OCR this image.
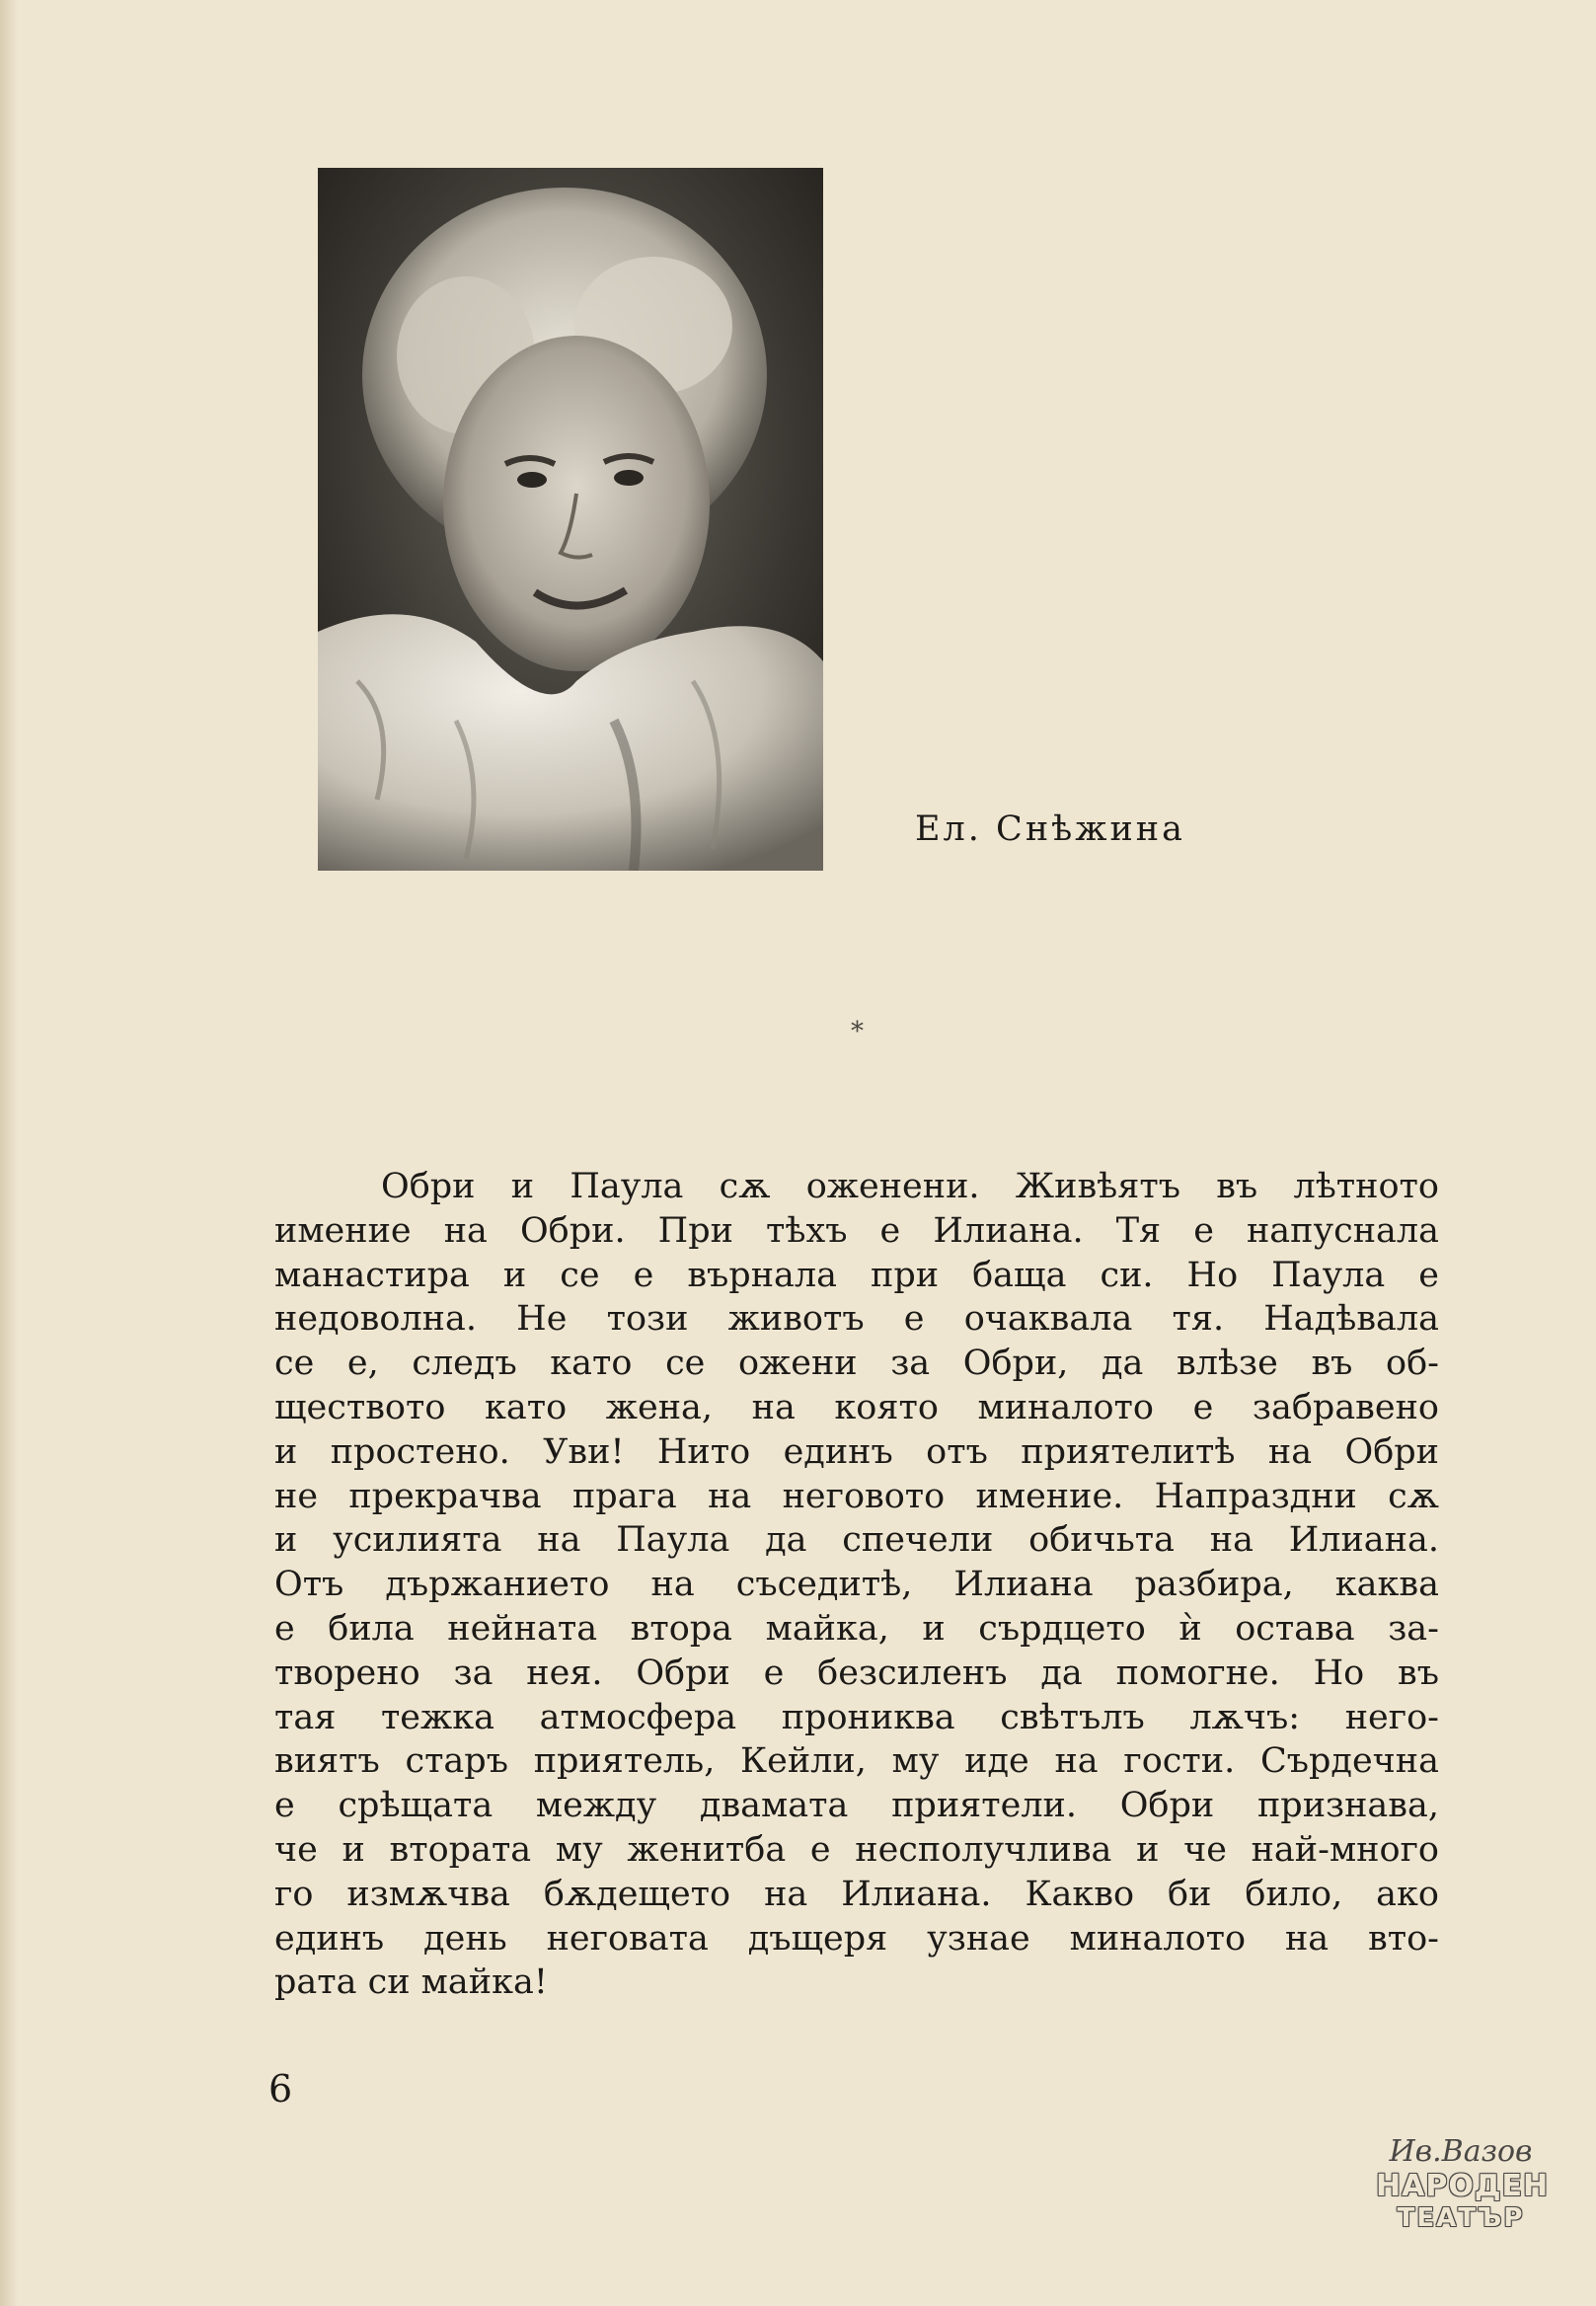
Ел. Снѣжина
*
Обри и Паула сѫ оженени. Живѣятъ въ лѣтното
имение на Обри. При тѣхъ е Илиана. Тя е напуснала
манастира и се е върнала при баща си. Но Паула е
недоволна. Не този животъ е очаквала тя. Надѣвала
се е, следъ като се ожени за Обри, да влѣзе въ об-
ществото като жена, на която миналото е забравено
и простено. Уви! Нито единъ отъ приятелитѣ на Обри
не прекрачва прага на неговото имение. Напраздни сѫ
и усилията на Паула да спечели обичьта на Илиана.
Отъ държанието на съседитѣ, Илиана разбира, каква
е била нейната втора майка, и сърдцето ѝ остава за-
творено за нея. Обри е безсиленъ да помогне. Но въ
тая тежка атмосфера прониква свѣтълъ лѫчъ: него-
виятъ старъ приятель, Кейли, му иде на гости. Сърдечна
е срѣщата между двамата приятели. Обри признава,
че и втората му женитба е несполучлива и че най-много
го измѫчва бѫдещето на Илиана. Какво би било, ако
единъ день неговата дъщеря узнае миналото на вто-
рата си майка!
6
Ив.Вазов
НАРОДЕН
ТЕАТЪР
